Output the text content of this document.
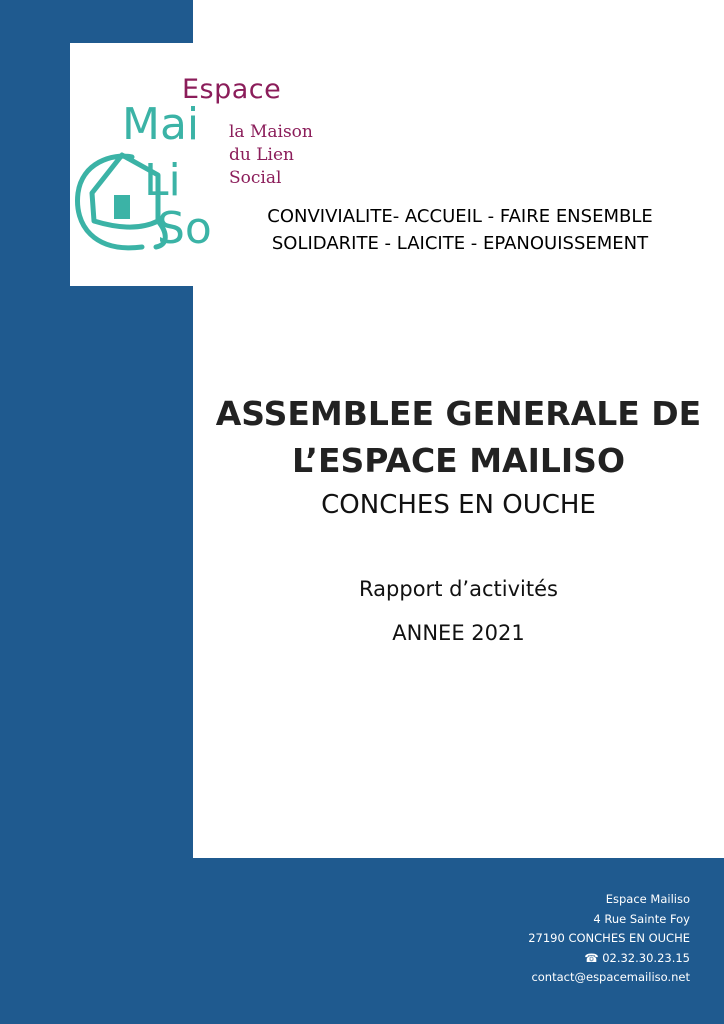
Espace
Mai
Li
So
la Maison
du Lien
Social
CONVIVIALITE- ACCUEIL - FAIRE ENSEMBLE
SOLIDARITE - LAICITE - EPANOUISSEMENT
ASSEMBLEE GENERALE DE
L’ESPACE MAILISO
CONCHES EN OUCHE
Rapport d’activités
ANNEE 2021
Espace Mailiso
4 Rue Sainte Foy
27190 CONCHES EN OUCHE
☎ 02.32.30.23.15
contact@espacemailiso.net
